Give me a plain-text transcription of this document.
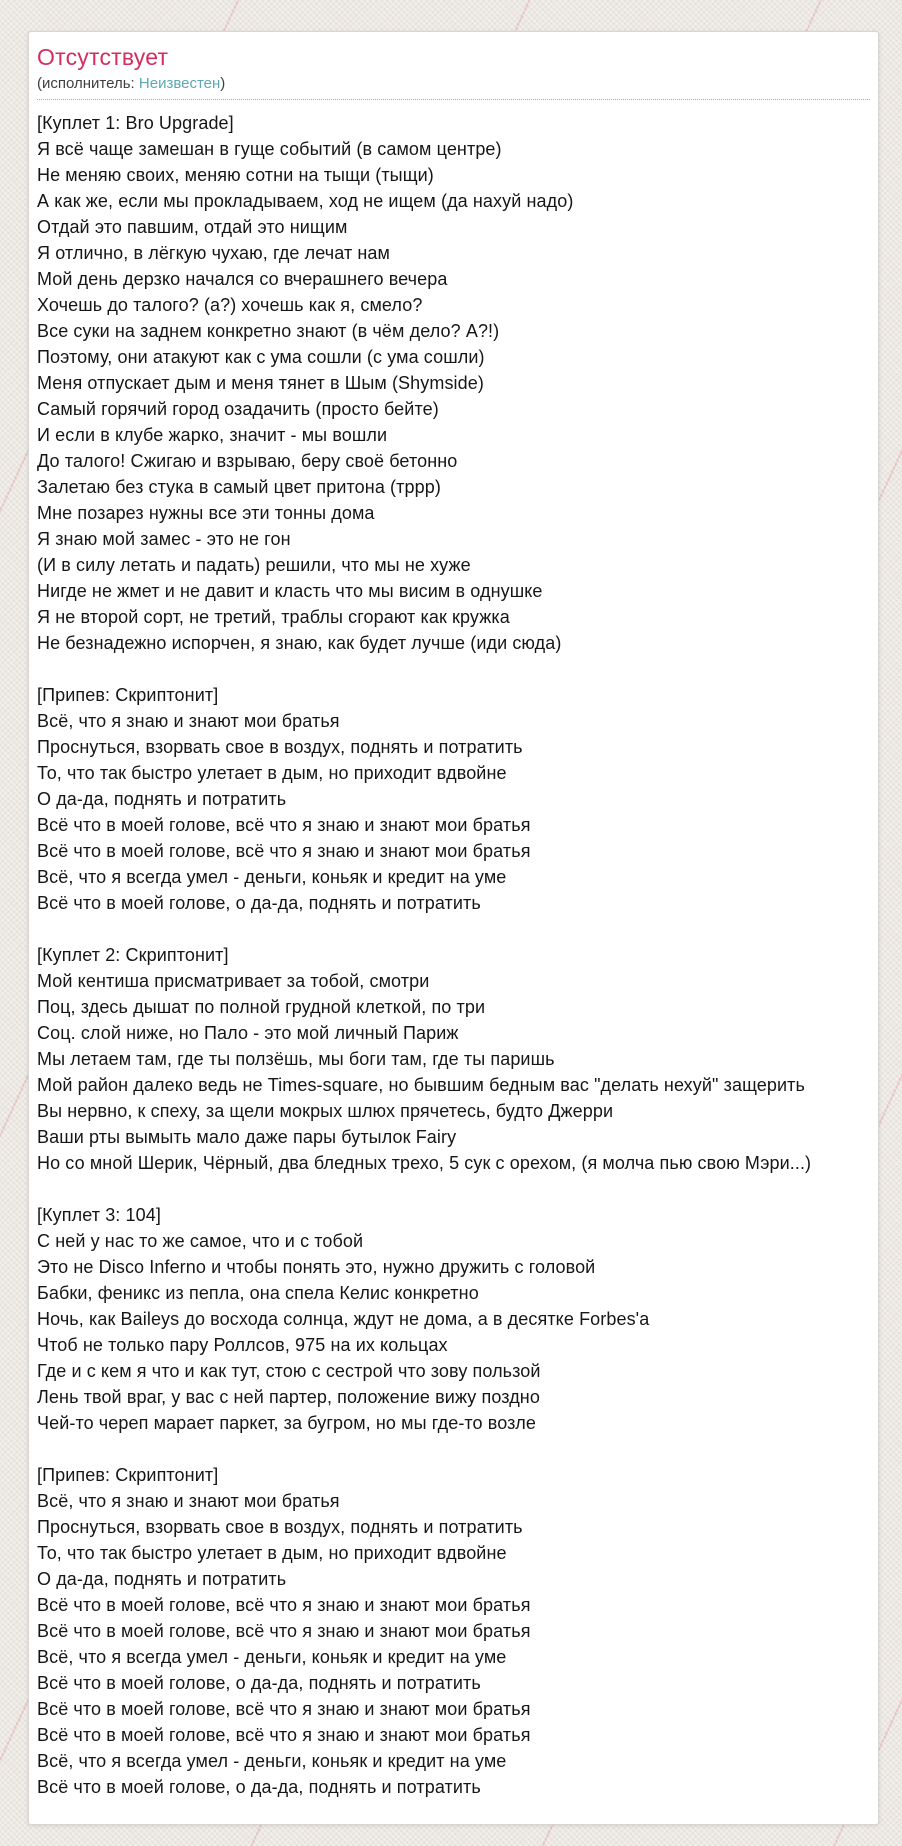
Отсутствует
(исполнитель: Неизвестен)
[Куплет 1: Bro Upgrade]
Я всё чаще замешан в гуще событий (в самом центре)
Не меняю своих, меняю сотни на тыщи (тыщи)
А как же, если мы прокладываем, ход не ищем (да нахуй надо)
Отдай это павшим, отдай это нищим
Я отлично, в лёгкую чухаю, где лечат нам
Мой день дерзко начался со вчерашнего вечера
Хочешь до талого? (а?) хочешь как я, смело?
Все суки на заднем конкретно знают (в чём дело? А?!)
Поэтому, они атакуют как с ума сошли (с ума сошли)
Меня отпускает дым и меня тянет в Шым (Shymside)
Самый горячий город озадачить (просто бейте)
И если в клубе жарко, значит - мы вошли
До талого! Сжигаю и взрываю, беру своё бетонно
Залетаю без стука в самый цвет притона (тррр)
Мне позарез нужны все эти тонны дома
Я знаю мой замес - это не гон
(И в силу летать и падать) решили, что мы не хуже
Нигде не жмет и не давит и класть что мы висим в однушке
Я не второй сорт, не третий, траблы сгорают как кружка
Не безнадежно испорчен, я знаю, как будет лучше (иди сюда)
[Припев: Скриптонит]
Всё, что я знаю и знают мои братья
Проснуться, взорвать свое в воздух, поднять и потратить
То, что так быстро улетает в дым, но приходит вдвойне
О да-да, поднять и потратить
Всё что в моей голове, всё что я знаю и знают мои братья
Всё что в моей голове, всё что я знаю и знают мои братья
Всё, что я всегда умел - деньги, коньяк и кредит на уме
Всё что в моей голове, о да-да, поднять и потратить
[Куплет 2: Скриптонит]
Мой кентиша присматривает за тобой, смотри
Поц, здесь дышат по полной грудной клеткой, по три
Соц. слой ниже, но Пало - это мой личный Париж
Мы летаем там, где ты ползёшь, мы боги там, где ты паришь
Мой район далеко ведь не Times-square, но бывшим бедным вас "делать нехуй" защерить
Вы нервно, к спеху, за щели мокрых шлюх прячетесь, будто Джерри
Ваши рты вымыть мало даже пары бутылок Fairy
Но со мной Шерик, Чёрный, два бледных трехо, 5 сук с орехом, (я молча пью свою Мэри...)
[Куплет 3: 104]
С ней у нас то же самое, что и с тобой
Это не Disco Inferno и чтобы понять это, нужно дружить с головой
Бабки, феникс из пепла, она спела Келис конкретно
Ночь, как Baileys до восхода солнца, ждут не дома, а в десятке Forbes'а
Чтоб не только пару Роллсов, 975 на их кольцах
Где и с кем я что и как тут, стою с сестрой что зову пользой
Лень твой враг, у вас с ней партер, положение вижу поздно
Чей-то череп марает паркет, за бугром, но мы где-то возле
[Припев: Скриптонит]
Всё, что я знаю и знают мои братья
Проснуться, взорвать свое в воздух, поднять и потратить
То, что так быстро улетает в дым, но приходит вдвойне
О да-да, поднять и потратить
Всё что в моей голове, всё что я знаю и знают мои братья
Всё что в моей голове, всё что я знаю и знают мои братья
Всё, что я всегда умел - деньги, коньяк и кредит на уме
Всё что в моей голове, о да-да, поднять и потратить
Всё что в моей голове, всё что я знаю и знают мои братья
Всё что в моей голове, всё что я знаю и знают мои братья
Всё, что я всегда умел - деньги, коньяк и кредит на уме
Всё что в моей голове, о да-да, поднять и потратить
